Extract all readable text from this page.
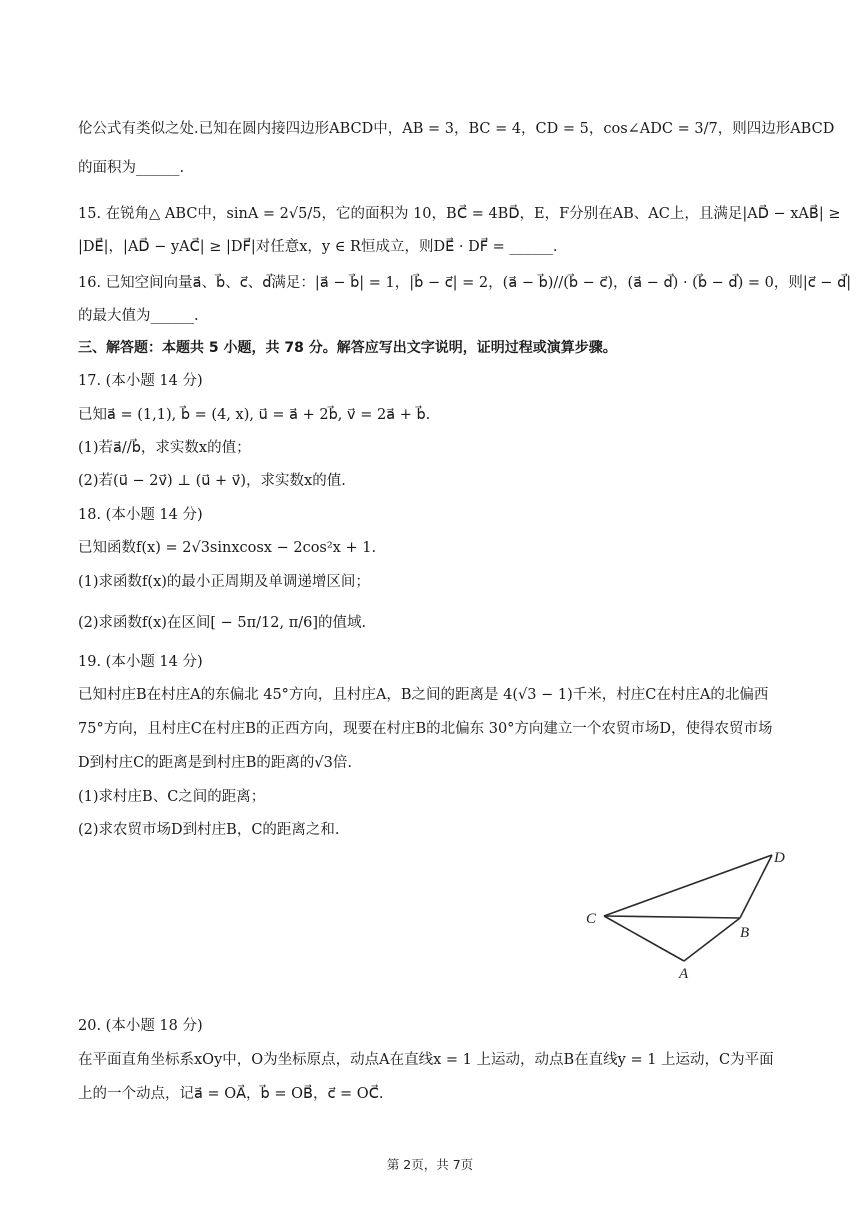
伦公式有类似之处.已知在圆内接四边形ABCD中，AB = 3，BC = 4，CD = 5，cos∠ADC = 3/7，则四边形ABCD
的面积为______.
15. 在锐角△ ABC中，sinA = 2√5/5，它的面积为 10，BC⃗ = 4BD⃗，E，F分别在AB、AC上，且满足|AD⃗ − xAB⃗| ≥
|DE⃗|，|AD⃗ − yAC⃗| ≥ |DF⃗|对任意x，y ∈ R恒成立，则DE⃗ · DF⃗ = ______.
16. 已知空间向量a⃗、b⃗、c⃗、d⃗满足：|a⃗ − b⃗| = 1，|b⃗ − c⃗| = 2，(a⃗ − b⃗)//(b⃗ − c⃗)，(a⃗ − d⃗) · (b⃗ − d⃗) = 0，则|c⃗ − d⃗|
的最大值为______.
三、解答题：本题共 5 小题，共 78 分。解答应写出文字说明，证明过程或演算步骤。
17. (本小题 14 分)
已知a⃗ = (1,1), b⃗ = (4, x), u⃗ = a⃗ + 2b⃗, v⃗ = 2a⃗ + b⃗.
(1)若a⃗//b⃗，求实数x的值；
(2)若(u⃗ − 2v⃗) ⊥ (u⃗ + v⃗)，求实数x的值.
18. (本小题 14 分)
已知函数f(x) = 2√3sinxcosx − 2cos²x + 1.
(1)求函数f(x)的最小正周期及单调递增区间；
(2)求函数f(x)在区间[ − 5π/12, π/6]的值域.
19. (本小题 14 分)
已知村庄B在村庄A的东偏北 45°方向，且村庄A，B之间的距离是 4(√3 − 1)千米，村庄C在村庄A的北偏西
75°方向，且村庄C在村庄B的正西方向，现要在村庄B的北偏东 30°方向建立一个农贸市场D，使得农贸市场
D到村庄C的距离是到村庄B的距离的√3倍.
(1)求村庄B、C之间的距离；
(2)求农贸市场D到村庄B，C的距离之和.
C
B
A
D
20. (本小题 18 分)
在平面直角坐标系xOy中，O为坐标原点，动点A在直线x = 1 上运动，动点B在直线y = 1 上运动，C为平面
上的一个动点，记a⃗ = OA⃗，b⃗ = OB⃗，c⃗ = OC⃗.
第 2页，共 7页
